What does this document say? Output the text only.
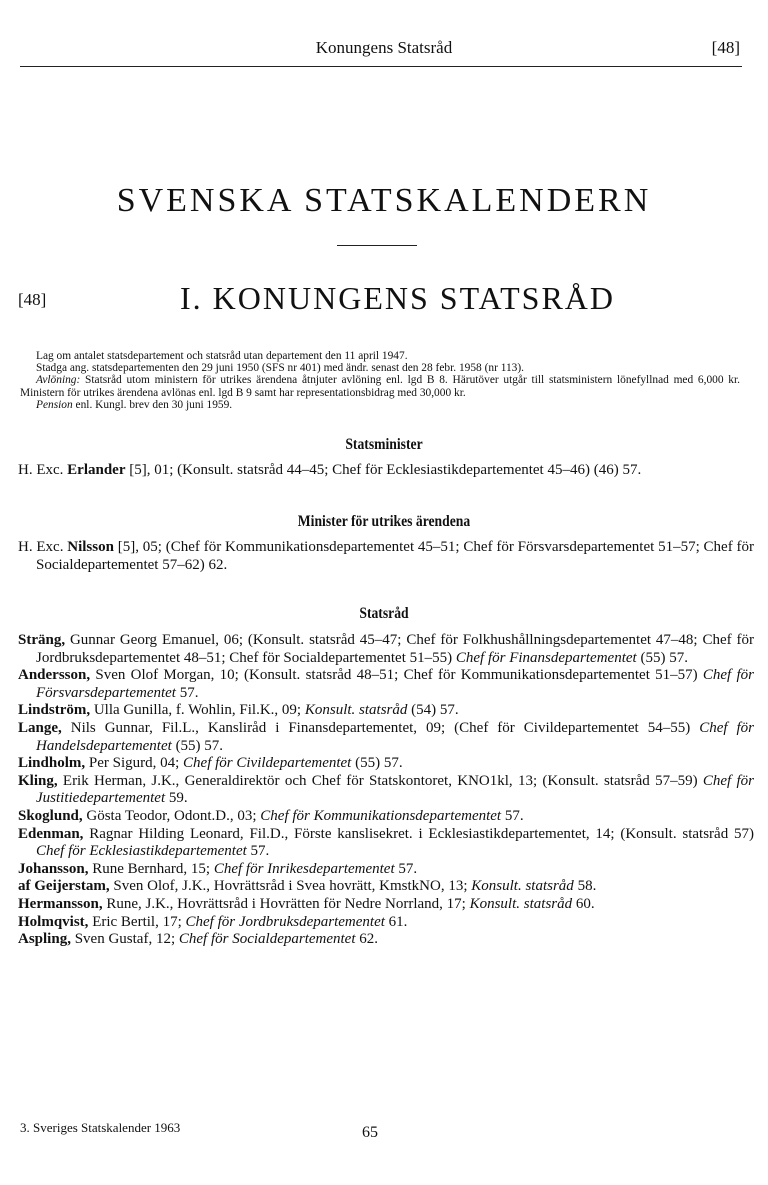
Konungens Statsråd	[48]
SVENSKA STATSKALENDERN
[48]	I. KONUNGENS STATSRÅD

Lag om antalet statsdepartement och statsråd utan departement den 11 april 1947.

Stadga ang. statsdepartementen den 29 juni 1950 (SFS nr 401) med ändr. senast den 28 febr. 1958 (nr 113).

Avlöning: Statsråd utom ministern för utrikes ärendena åtnjuter avlöning enl. lgd B 8. Härutöver utgår till statsministern lönefyllnad med 6,000 kr. Ministern för utrikes ärendena avlönas enl. lgd B 9 samt har representationsbidrag med 30,000 kr.

Pension enl. Kungl. brev den 30 juni 1959.

Statsminister
H. Exc. Erlander [5], 01; (Konsult. statsråd 44–45; Chef för Ecklesiastikdepartementet 45–46) (46) 57.
Minister för utrikes ärendena
H. Exc. Nilsson [5], 05; (Chef för Kommunikationsdepartementet 45–51; Chef för Försvarsdepartementet 51–57; Chef för Socialdepartementet 57–62) 62.
Statsråd
Sträng, Gunnar Georg Emanuel, 06; (Konsult. statsråd 45–47; Chef för Folkhushållningsdepartementet 47–48; Chef för Jordbruksdepartementet 48–51; Chef för Socialdepartementet 51–55) Chef för Finansdepartementet (55) 57.
Andersson, Sven Olof Morgan, 10; (Konsult. statsråd 48–51; Chef för Kommunikationsdepartementet 51–57) Chef för Försvarsdepartementet 57.
Lindström, Ulla Gunilla, f. Wohlin, Fil.K., 09; Konsult. statsråd (54) 57.
Lange, Nils Gunnar, Fil.L., Kansliråd i Finansdepartementet, 09; (Chef för Civildepartementet 54–55) Chef för Handelsdepartementet (55) 57.
Lindholm, Per Sigurd, 04; Chef för Civildepartementet (55) 57.
Kling, Erik Herman, J.K., Generaldirektör och Chef för Statskontoret, KNO1kl, 13; (Konsult. statsråd 57–59) Chef för Justitiedepartementet 59.
Skoglund, Gösta Teodor, Odont.D., 03; Chef för Kommunikationsdepartementet 57.
Edenman, Ragnar Hilding Leonard, Fil.D., Förste kanslisekret. i Ecklesiastikdepartementet, 14; (Konsult. statsråd 57) Chef för Ecklesiastikdepartementet 57.
Johansson, Rune Bernhard, 15; Chef för Inrikesdepartementet 57.
af Geijerstam, Sven Olof, J.K., Hovrättsråd i Svea hovrätt, KmstkNO, 13; Konsult. statsråd 58.
Hermansson, Rune, J.K., Hovrättsråd i Hovrätten för Nedre Norrland, 17; Konsult. statsråd 60.
Holmqvist, Eric Bertil, 17; Chef för Jordbruksdepartementet 61.
Aspling, Sven Gustaf, 12; Chef för Socialdepartementet 62.
3. Sveriges Statskalender 1963	65
